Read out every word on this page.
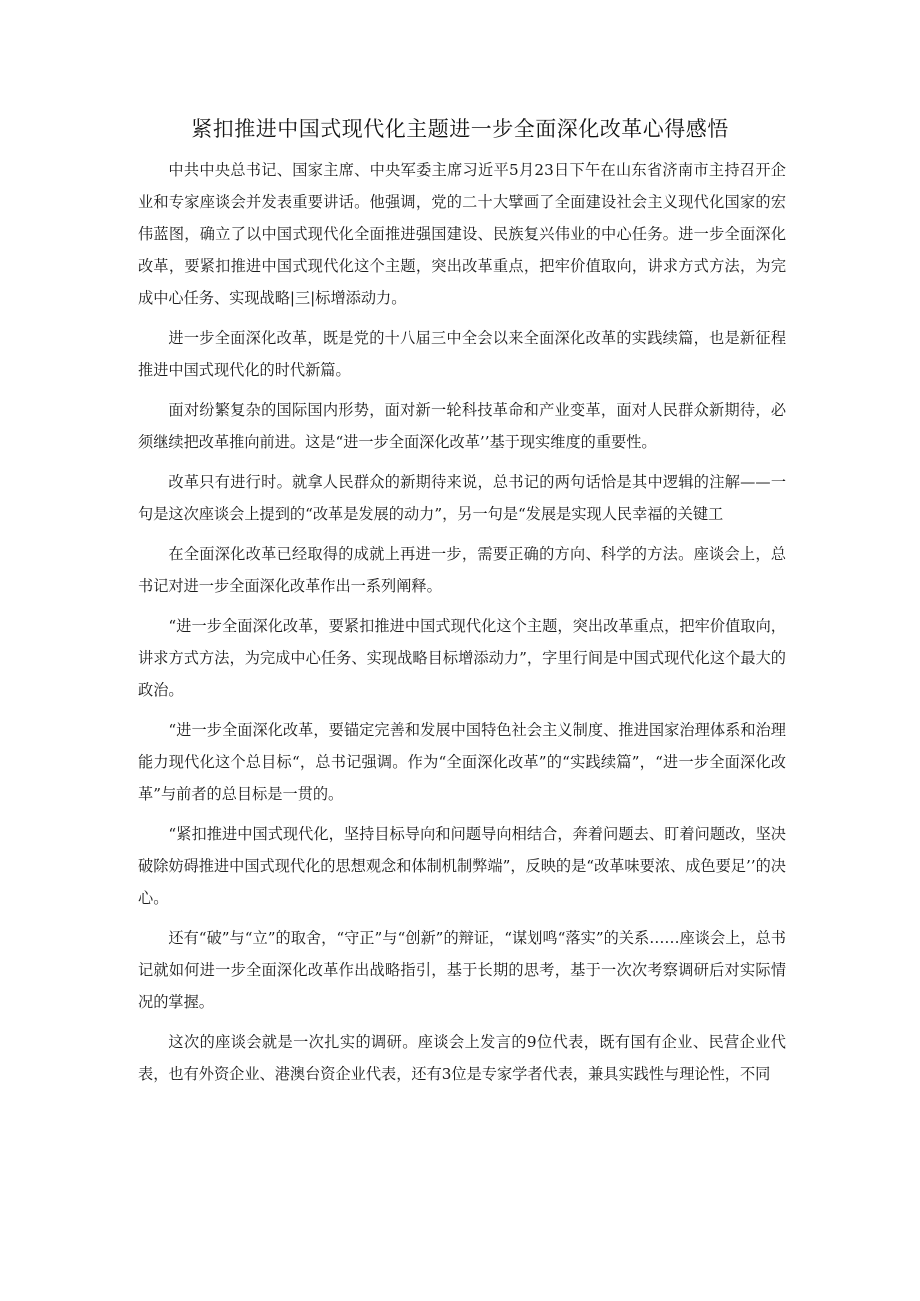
紧扣推进中国式现代化主题进一步全面深化改革心得感悟

中共中央总书记、国家主席、中央军委主席习近平5月23日下午在山东省济南市主持召开企业和专家座谈会并发表重要讲话。他强调，党的二十大擘画了全面建设社会主义现代化国家的宏伟蓝图，确立了以中国式现代化全面推进强国建设、民族复兴伟业的中心任务。进一步全面深化改革，要紧扣推进中国式现代化这个主题，突出改革重点，把牢价值取向，讲求方式方法，为完成中心任务、实现战略|三|标增添动力。

进一步全面深化改革，既是党的十八届三中全会以来全面深化改革的实践续篇，也是新征程推进中国式现代化的时代新篇。

面对纷繁复杂的国际国内形势，面对新一轮科技革命和产业变革，面对人民群众新期待，必须继续把改革推向前进。这是“进一步全面深化改革’’基于现实维度的重要性。

改革只有进行时。就拿人民群众的新期待来说，总书记的两句话恰是其中逻辑的注解——一句是这次座谈会上提到的“改革是发展的动力”，另一句是“发展是实现人民幸福的关键工

在全面深化改革已经取得的成就上再进一步，需要正确的方向、科学的方法。座谈会上，总书记对进一步全面深化改革作出一系列阐释。

“进一步全面深化改革，要紧扣推进中国式现代化这个主题，突出改革重点，把牢价值取向，讲求方式方法，为完成中心任务、实现战略目标增添动力”，字里行间是中国式现代化这个最大的政治。

“进一步全面深化改革，要锚定完善和发展中国特色社会主义制度、推进国家治理体系和治理能力现代化这个总目标“，总书记强调。作为“全面深化改革”的“实践续篇”，“进一步全面深化改革”与前者的总目标是一贯的。

“紧扣推进中国式现代化，坚持目标导向和问题导向相结合，奔着问题去、盯着问题改，坚决破除妨碍推进中国式现代化的思想观念和体制机制弊端”，反映的是“改革味要浓、成色要足’’的决心。

还有“破”与“立”的取舍，“守正”与“创新”的辩证，“谋划鸣“落实”的关系……座谈会上，总书记就如何进一步全面深化改革作出战略指引，基于长期的思考，基于一次次考察调研后对实际情况的掌握。

这次的座谈会就是一次扎实的调研。座谈会上发言的9位代表，既有国有企业、民营企业代表，也有外资企业、港澳台资企业代表，还有3位是专家学者代表，兼具实践性与理论性，不同
